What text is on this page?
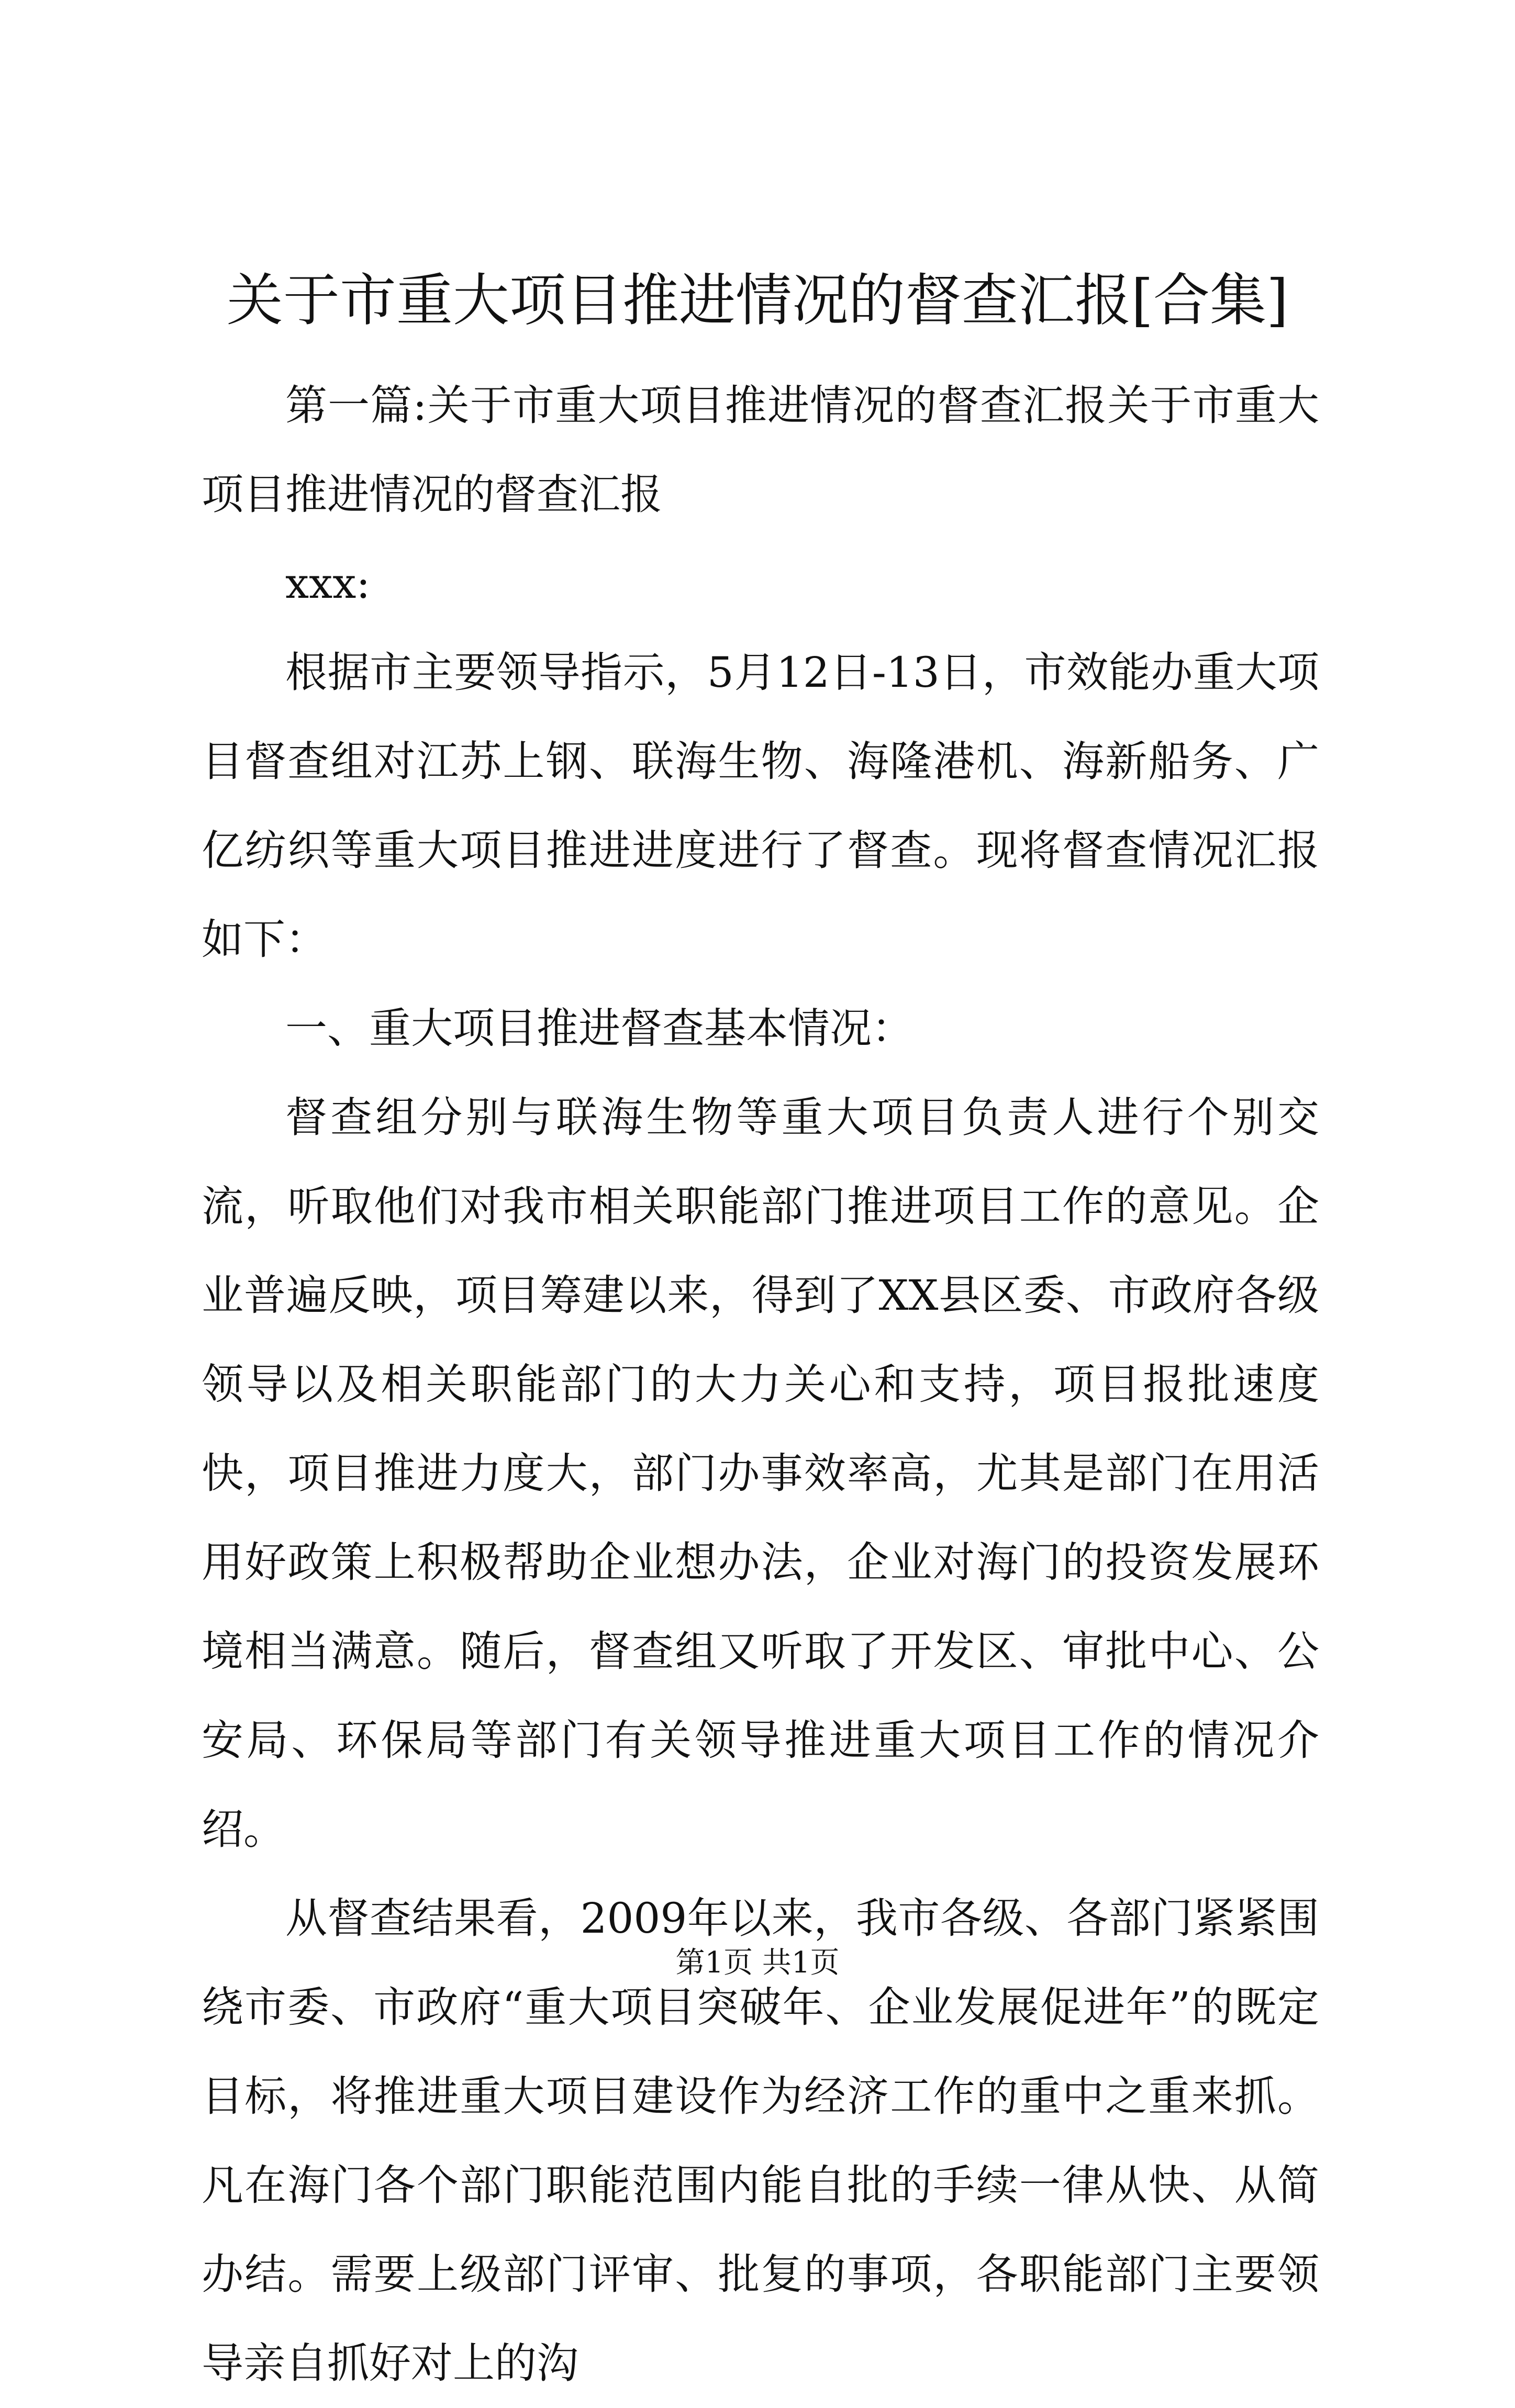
关于市重大项目推进情况的督查汇报[合集]

第一篇:关于市重大项目推进情况的督查汇报关于市重大项目推进情况的督查汇报

xxx:

根据市主要领导指示，5月12日-13日，市效能办重大项目督查组对江苏上钢、联海生物、海隆港机、海新船务、广亿纺织等重大项目推进进度进行了督查。现将督查情况汇报如下：

一、重大项目推进督查基本情况：

督查组分别与联海生物等重大项目负责人进行个别交流，听取他们对我市相关职能部门推进项目工作的意见。企业普遍反映，项目筹建以来，得到了XX县区委、市政府各级领导以及相关职能部门的大力关心和支持，项目报批速度快，项目推进力度大，部门办事效率高，尤其是部门在用活用好政策上积极帮助企业想办法，企业对海门的投资发展环境相当满意。随后，督查组又听取了开发区、审批中心、公安局、环保局等部门有关领导推进重大项目工作的情况介绍。

从督查结果看，2009年以来，我市各级、各部门紧紧围绕市委、市政府“重大项目突破年、企业发展促进年”的既定目标，将推进重大项目建设作为经济工作的重中之重来抓。凡在海门各个部门职能范围内能自批的手续一律从快、从简办结。需要上级部门评审、批复的事项，各职能部门主要领导亲自抓好对上的沟

第1页 共1页
